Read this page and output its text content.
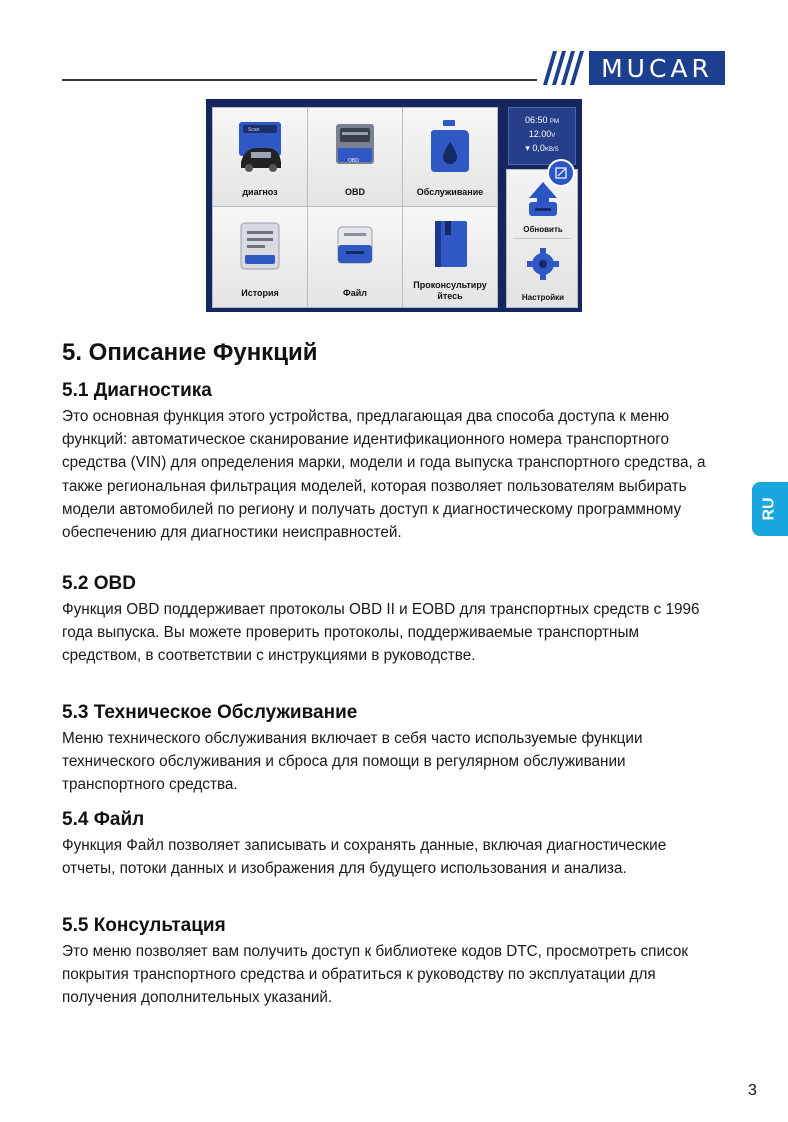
MUCAR
Scan
диагноз
OBD
OBD	Обслуживание
История	Файл
Проконсультиру йтесь
06:50 PM
12.00V
▾ 0,0KB/S
Обновить
Настройки
5. Описание Функций
5.1 Диагностика

Это основная функция этого устройства, предлагающая два способа доступа к меню функций: автоматическое сканирование идентификационного номера транспортного средства (VIN) для определения марки, модели и года выпуска транспортного средства, а также региональная фильтрация моделей, которая позволяет пользователям выбирать модели автомобилей по региону и получать доступ к диагностическому программному обеспечению для диагностики неисправностей.

5.2 OBD

Функция OBD поддерживает протоколы OBD II и EOBD для транспортных средств с 1996 года выпуска. Вы можете проверить протоколы, поддерживаемые транспортным средством, в соответствии с инструкциями в руководстве.

5.3 Техническое Обслуживание

Меню технического обслуживания включает в себя часто используемые функции технического обслуживания и сброса для помощи в регулярном обслуживании транспортного средства.

5.4 Файл

Функция Файл позволяет записывать и сохранять данные, включая диагностические отчеты, потоки данных и изображения для будущего использования и анализа.

5.5 Консультация

Это меню позволяет вам получить доступ к библиотеке кодов DTC, просмотреть список покрытия транспортного средства и обратиться к руководству по эксплуатации для получения дополнительных указаний.

RU
3
